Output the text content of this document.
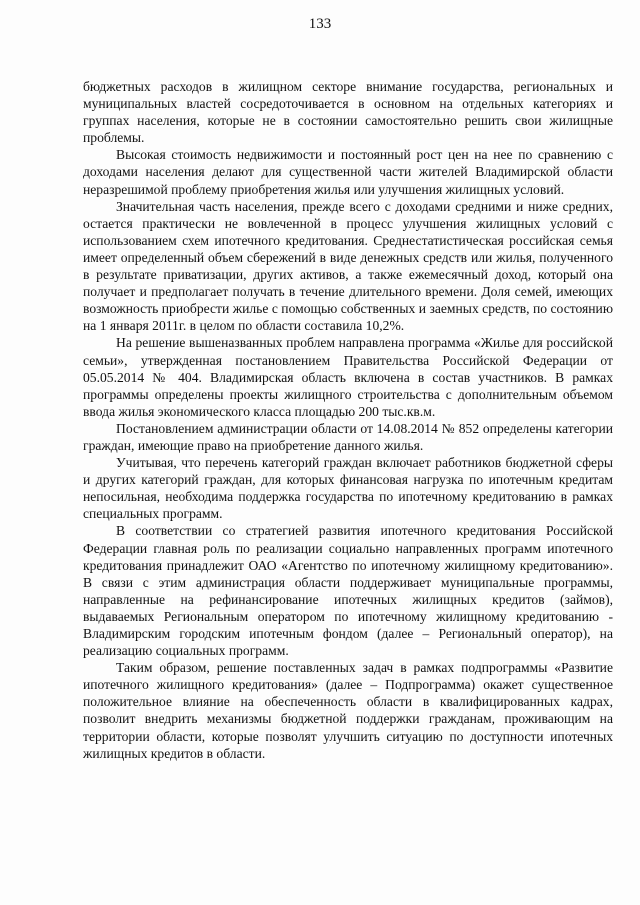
133

бюджетных расходов в жилищном секторе внимание государства, региональных и муниципальных властей сосредоточивается в основном на отдельных категориях и группах населения, которые не в состоянии самостоятельно решить свои жилищные проблемы.

Высокая стоимость недвижимости и постоянный рост цен на нее по сравнению с доходами населения делают для существенной части жителей Владимирской области неразрешимой проблему приобретения жилья или улучшения жилищных условий.

Значительная часть населения, прежде всего с доходами средними и ниже средних, остается практически не вовлеченной в процесс улучшения жилищных условий с использованием схем ипотечного кредитования. Среднестатистическая российская семья имеет определенный объем сбережений в виде денежных средств или жилья, полученного в результате приватизации, других активов, а также ежемесячный доход, который она получает и предполагает получать в течение длительного времени. Доля семей, имеющих возможность приобрести жилье с помощью собственных и заемных средств, по состоянию на 1 января 2011г. в целом по области составила 10,2%.

На решение вышеназванных проблем направлена программа «Жилье для российской семьи», утвержденная постановлением Правительства Российской Федерации от 05.05.2014 № 404. Владимирская область включена в состав участников. В рамках программы определены проекты жилищного строительства с дополнительным объемом ввода жилья экономического класса площадью 200 тыс.кв.м.

Постановлением администрации области от 14.08.2014 № 852 определены категории граждан, имеющие право на приобретение данного жилья.

Учитывая, что перечень категорий граждан включает работников бюджетной сферы и других категорий граждан, для которых финансовая нагрузка по ипотечным кредитам непосильная, необходима поддержка государства по ипотечному кредитованию в рамках специальных программ.

В соответствии со стратегией развития ипотечного кредитования Российской Федерации главная роль по реализации социально направленных программ ипотечного кредитования принадлежит ОАО «Агентство по ипотечному жилищному кредитованию». В связи с этим администрация области поддерживает муниципальные программы, направленные на рефинансирование ипотечных жилищных кредитов (займов), выдаваемых Региональным оператором по ипотечному жилищному кредитованию - Владимирским городским ипотечным фондом (далее – Региональный оператор), на реализацию социальных программ.

Таким образом, решение поставленных задач в рамках подпрограммы «Развитие ипотечного жилищного кредитования» (далее – Подпрограмма) окажет существенное положительное влияние на обеспеченность области в квалифицированных кадрах, позволит внедрить механизмы бюджетной поддержки гражданам, проживающим на территории области, которые позволят улучшить ситуацию по доступности ипотечных жилищных кредитов в области.
